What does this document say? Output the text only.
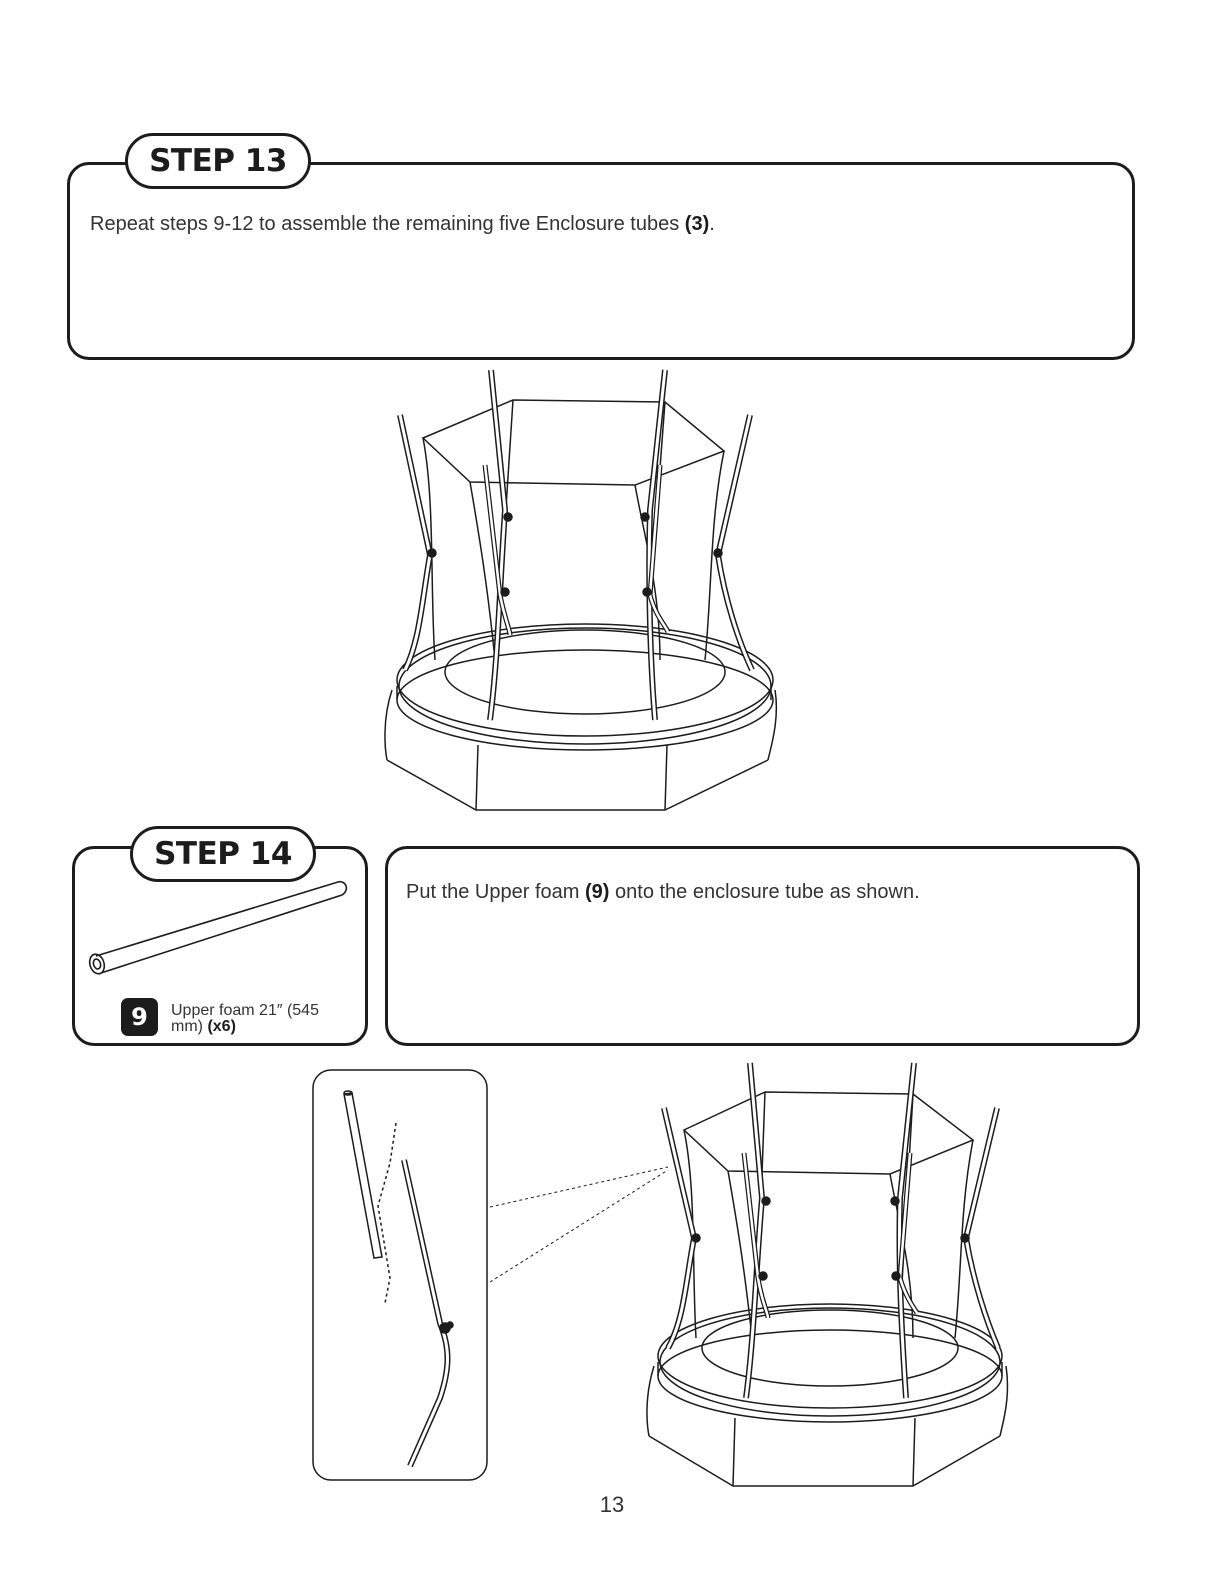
STEP 13
Repeat steps 9-12 to assemble the remaining five Enclosure tubes (3).
STEP 14
9	Upper foam 21″ (545 mm) (x6)
Put the Upper foam (9) onto the enclosure tube as shown.
13
